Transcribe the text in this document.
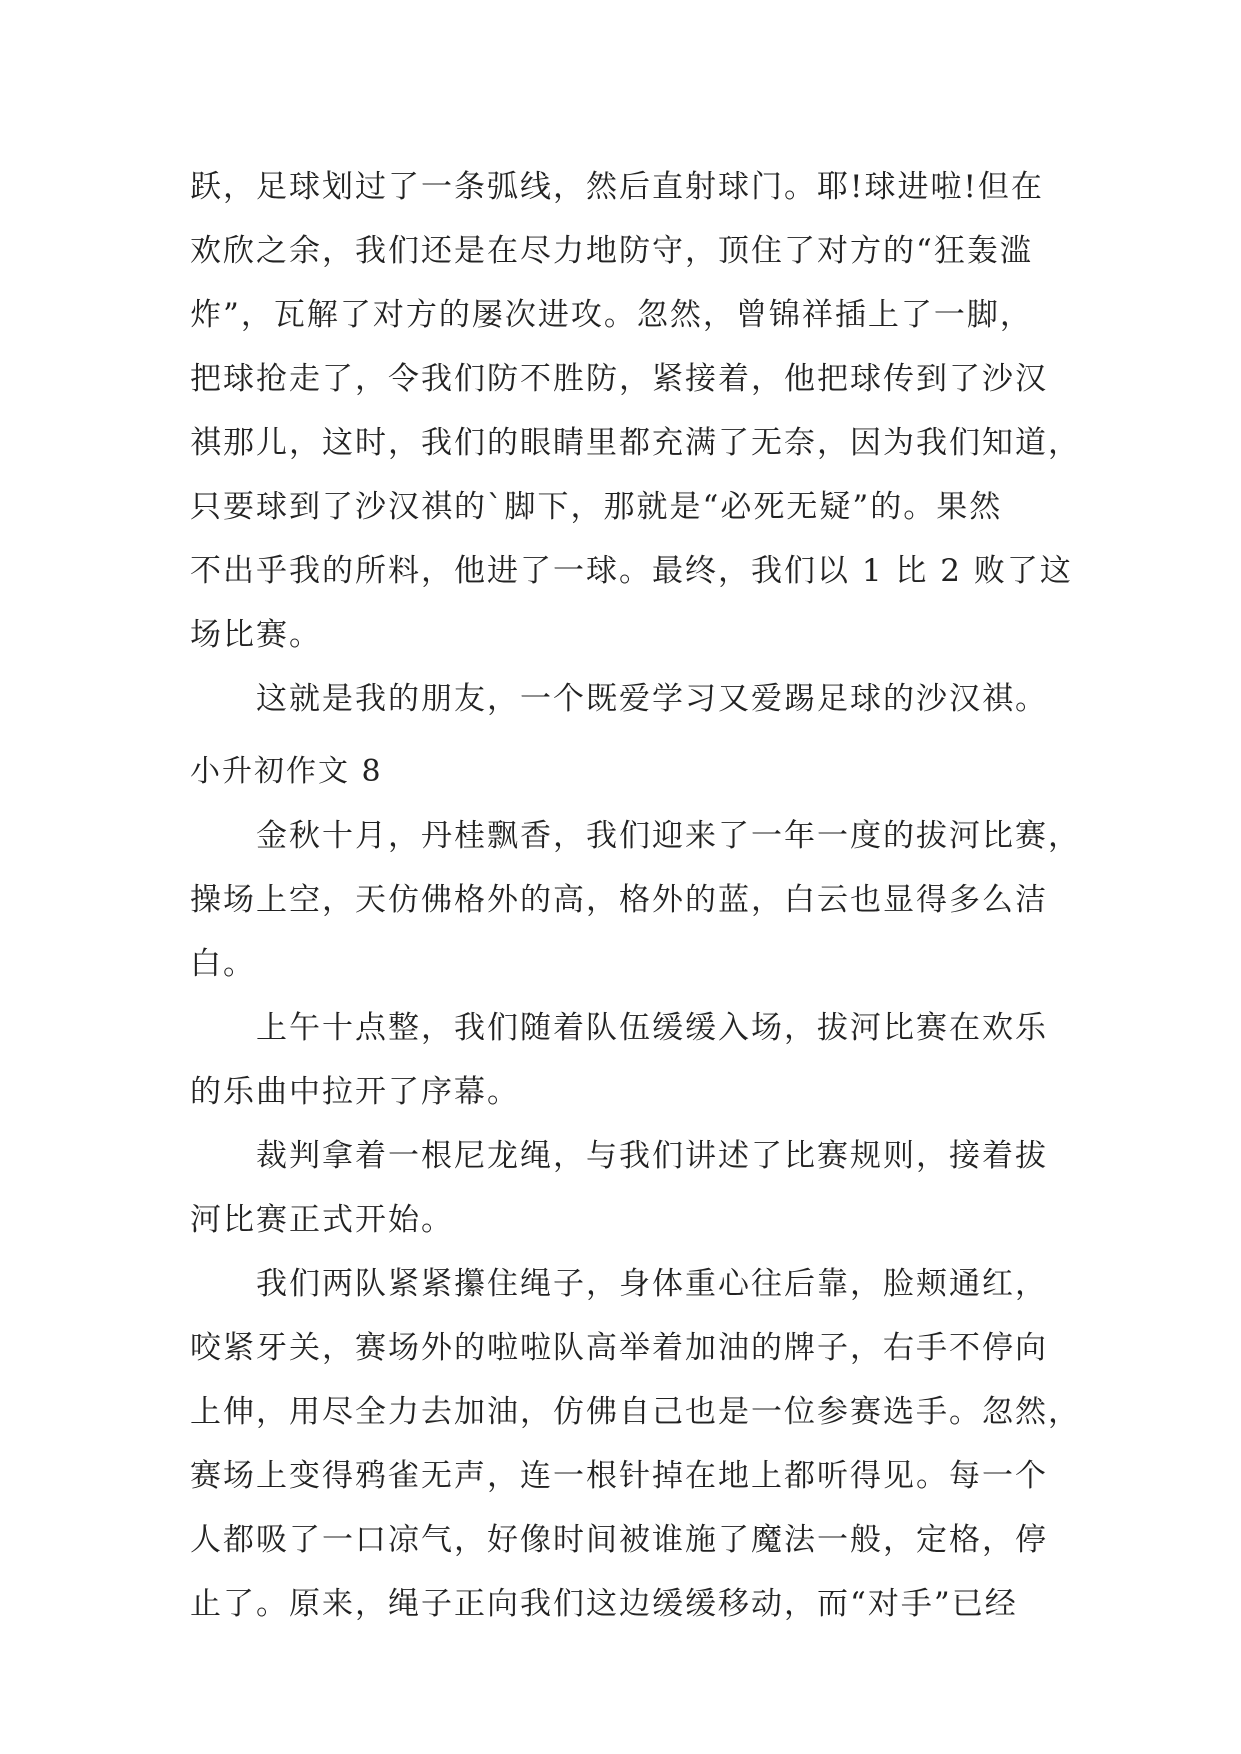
跃，足球划过了一条弧线，然后直射球门。耶!球进啦!但在
欢欣之余，我们还是在尽力地防守，顶住了对方的“狂轰滥
炸”，瓦解了对方的屡次进攻。忽然，曾锦祥插上了一脚，
把球抢走了，令我们防不胜防，紧接着，他把球传到了沙汉
祺那儿，这时，我们的眼睛里都充满了无奈，因为我们知道，
只要球到了沙汉祺的`脚下，那就是“必死无疑”的。果然
不出乎我的所料，他进了一球。最终，我们以 1 比 2 败了这
场比赛。
这就是我的朋友，一个既爱学习又爱踢足球的沙汉祺。
小升初作文 8
金秋十月，丹桂飘香，我们迎来了一年一度的拔河比赛，
操场上空，天仿佛格外的高，格外的蓝，白云也显得多么洁
白。
上午十点整，我们随着队伍缓缓入场，拔河比赛在欢乐
的乐曲中拉开了序幕。
裁判拿着一根尼龙绳，与我们讲述了比赛规则，接着拔
河比赛正式开始。
我们两队紧紧攥住绳子，身体重心往后靠，脸颊通红，
咬紧牙关，赛场外的啦啦队高举着加油的牌子，右手不停向
上伸，用尽全力去加油，仿佛自己也是一位参赛选手。忽然，
赛场上变得鸦雀无声，连一根针掉在地上都听得见。每一个
人都吸了一口凉气，好像时间被谁施了魔法一般，定格，停
止了。原来，绳子正向我们这边缓缓移动，而“对手”已经
